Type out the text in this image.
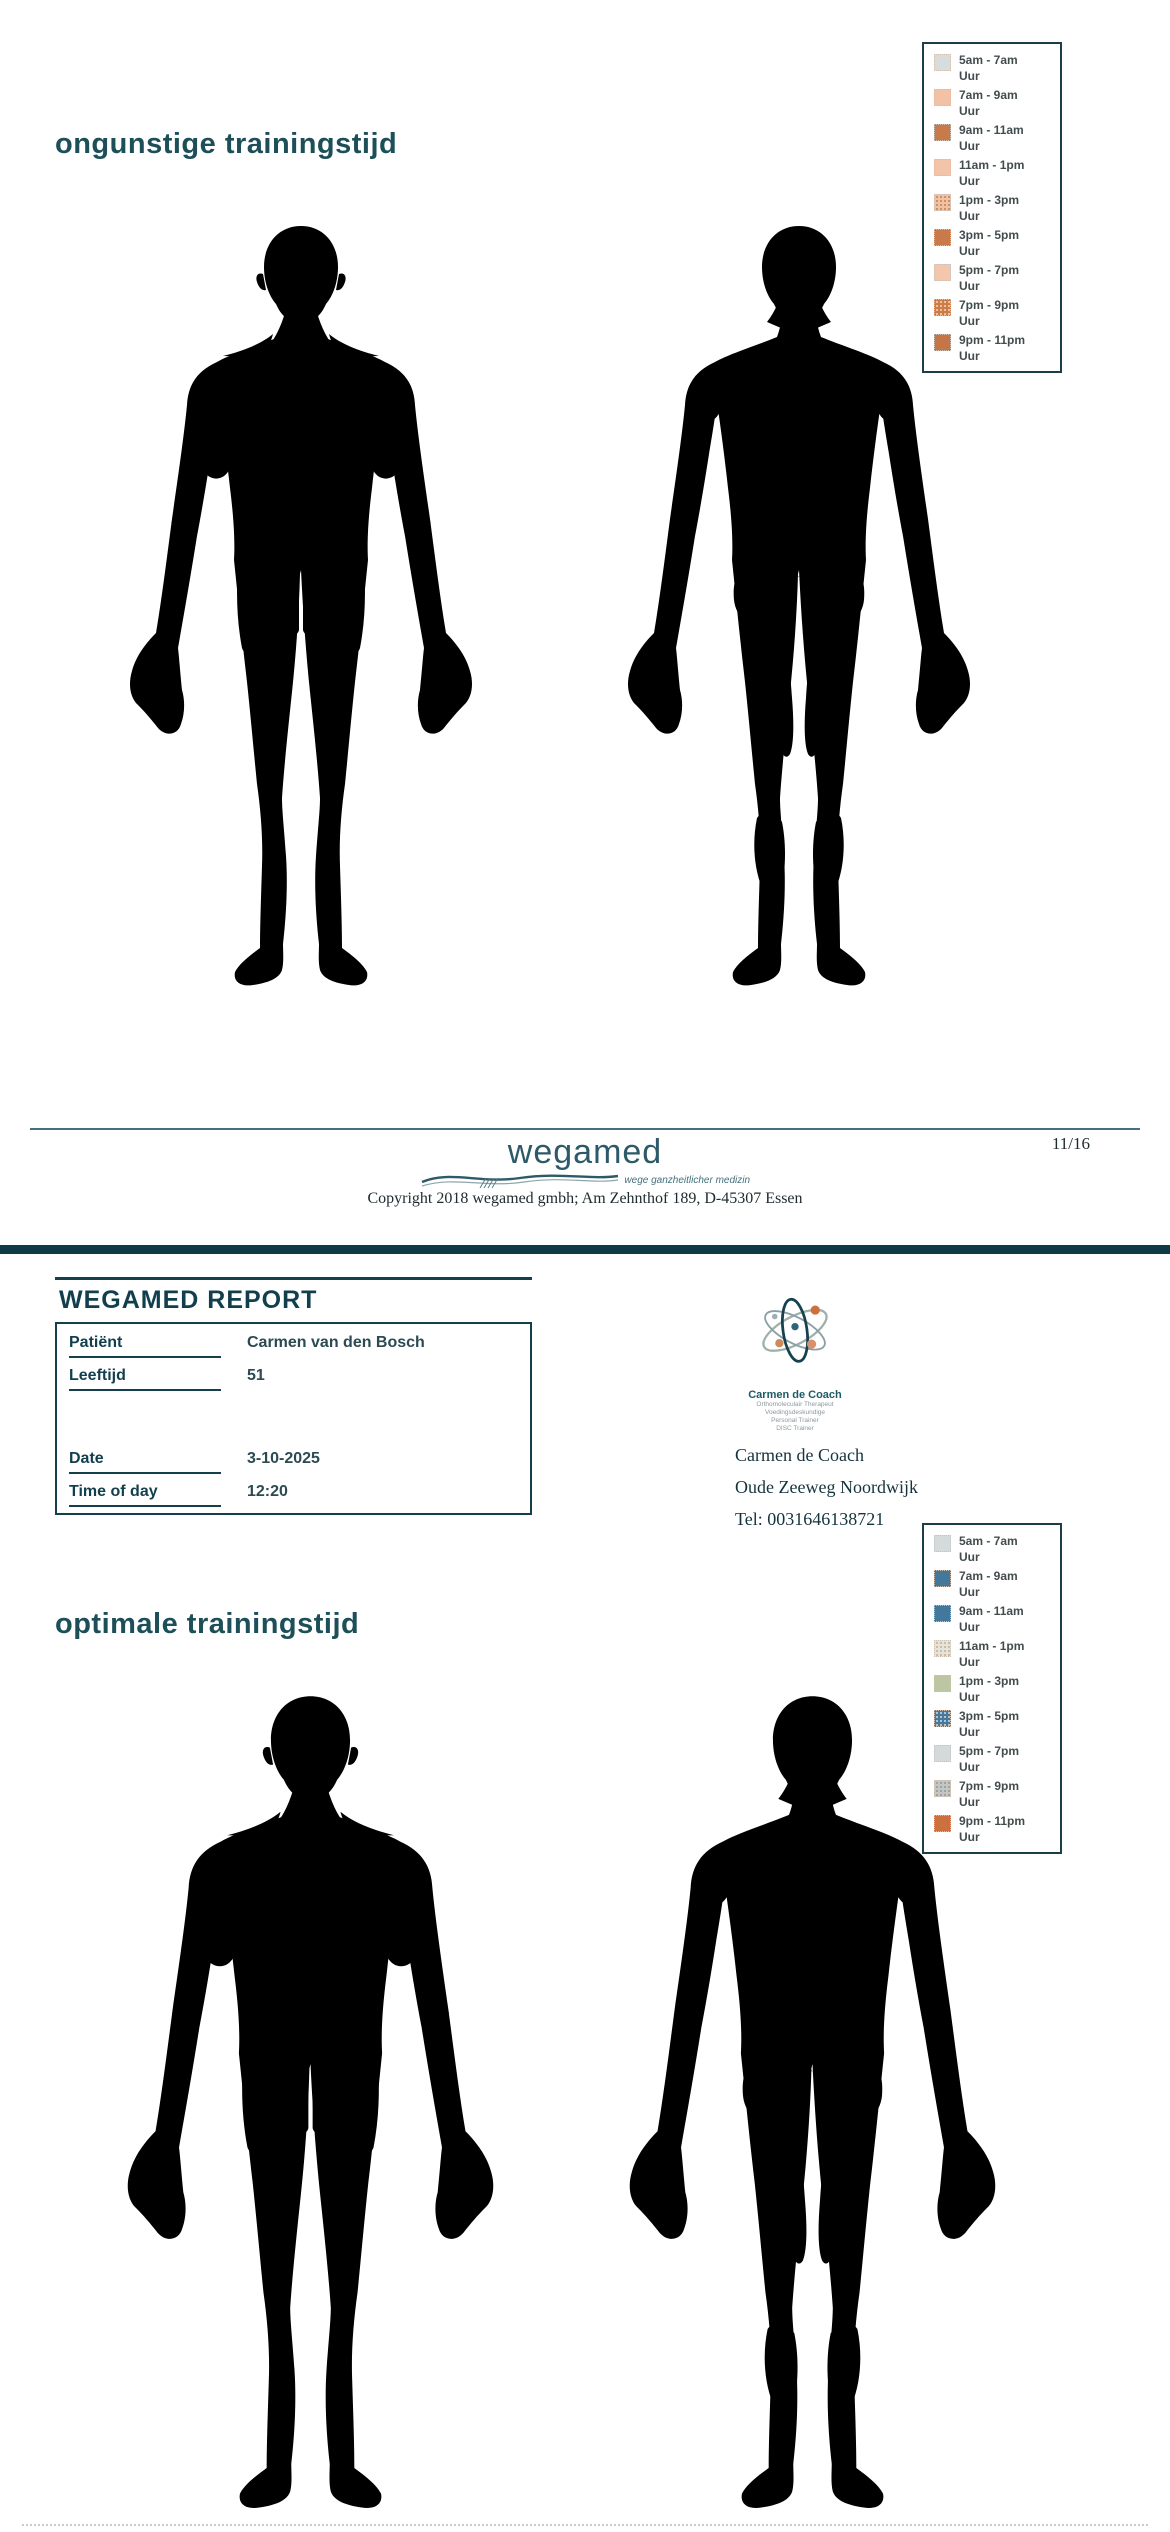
ongunstige trainingstijd
5am - 7am
Uur
7am - 9am
Uur
9am - 11am
Uur
11am - 1pm
Uur
1pm - 3pm
Uur
3pm - 5pm
Uur
5pm - 7pm
Uur
7pm - 9pm
Uur
9pm - 11pm
Uur
11/16
wegamed
wege ganzheitlicher medizin
Copyright 2018 wegamed gmbh; Am Zehnthof 189, D-45307 Essen
WEGAMED REPORT
Patiënt	Carmen van den Bosch
Leeftijd	51
Date	3-10-2025
Time of day	12:20
Carmen de Coach
Orthomoleculair Therapeut
Voedingsdeskundige
Personal Trainer
DISC Trainer
Carmen de Coach
Oude Zeeweg Noordwijk
Tel: 0031646138721
5am - 7am
Uur
7am - 9am
Uur
9am - 11am
Uur
11am - 1pm
Uur
1pm - 3pm
Uur
3pm - 5pm
Uur
5pm - 7pm
Uur
7pm - 9pm
Uur
9pm - 11pm
Uur
optimale trainingstijd
